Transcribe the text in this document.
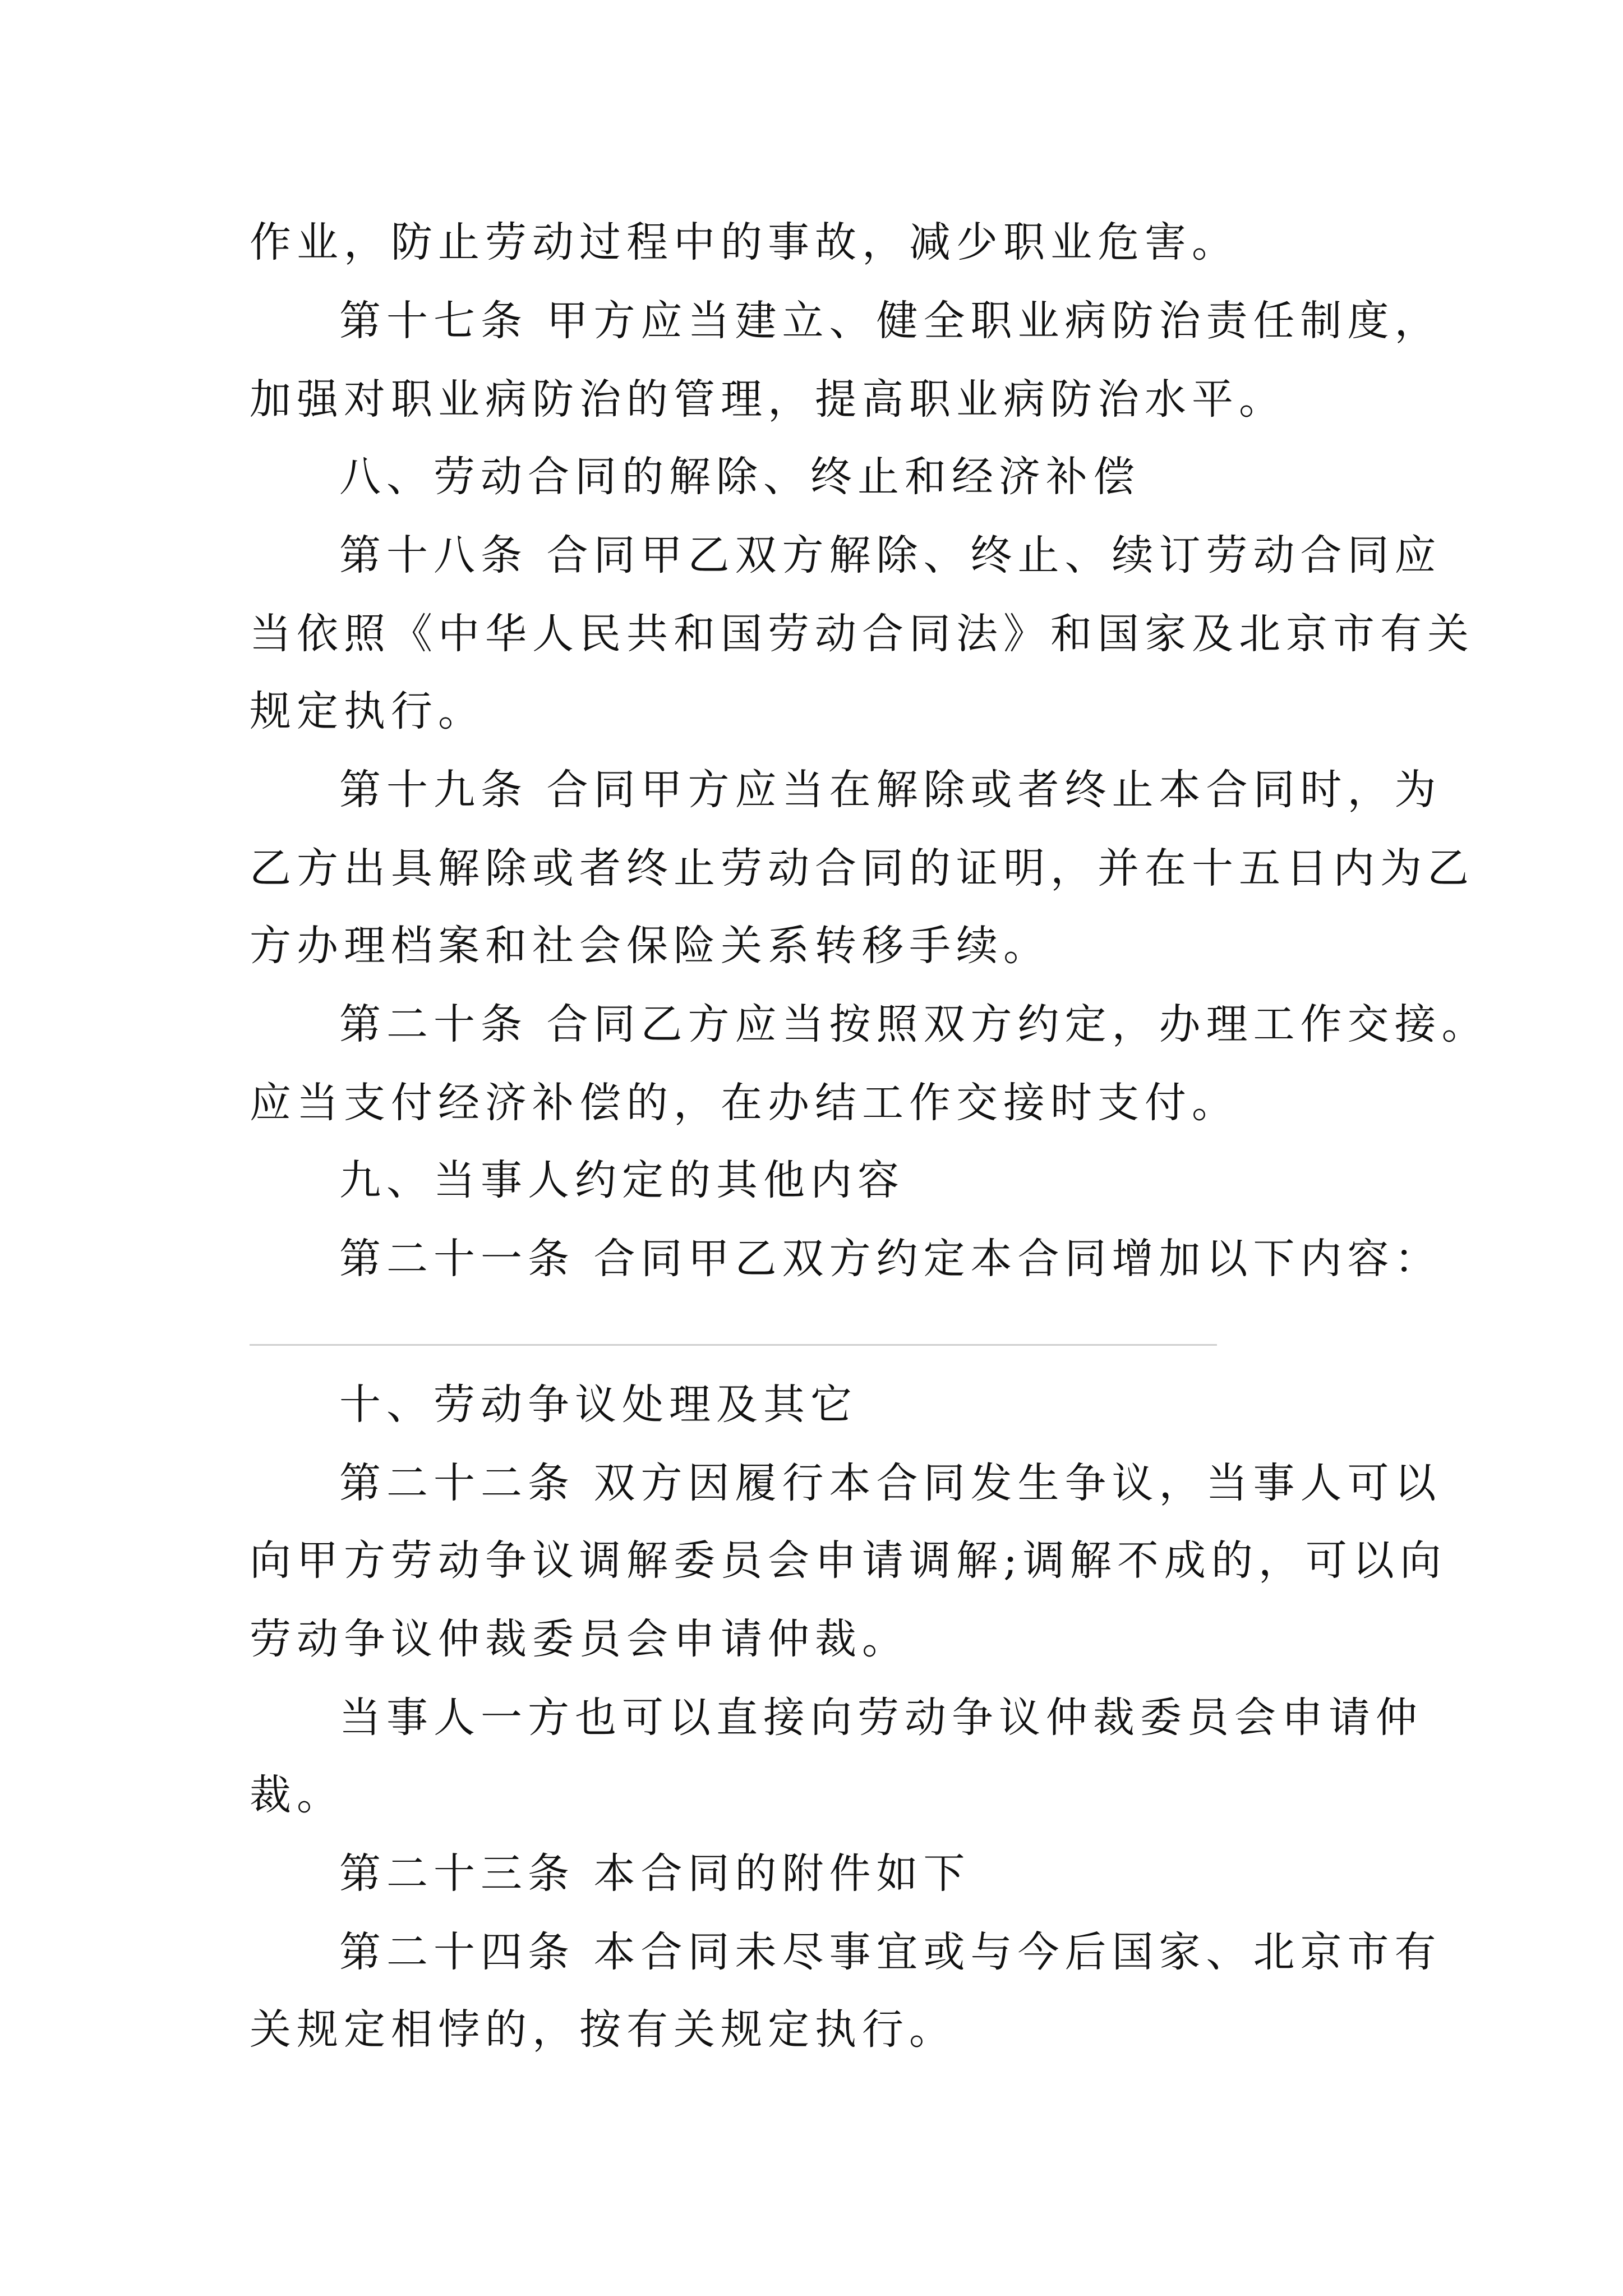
作业，防止劳动过程中的事故，减少职业危害。
第十七条 甲方应当建立、健全职业病防治责任制度，
加强对职业病防治的管理，提高职业病防治水平。
八、劳动合同的解除、终止和经济补偿
第十八条 合同甲乙双方解除、终止、续订劳动合同应
当依照《中华人民共和国劳动合同法》和国家及北京市有关
规定执行。
第十九条 合同甲方应当在解除或者终止本合同时，为
乙方出具解除或者终止劳动合同的证明，并在十五日内为乙
方办理档案和社会保险关系转移手续。
第二十条 合同乙方应当按照双方约定，办理工作交接。
应当支付经济补偿的，在办结工作交接时支付。
九、当事人约定的其他内容
第二十一条 合同甲乙双方约定本合同增加以下内容：
十、劳动争议处理及其它
第二十二条 双方因履行本合同发生争议，当事人可以
向甲方劳动争议调解委员会申请调解;调解不成的，可以向
劳动争议仲裁委员会申请仲裁。
当事人一方也可以直接向劳动争议仲裁委员会申请仲
裁。
第二十三条 本合同的附件如下
第二十四条 本合同未尽事宜或与今后国家、北京市有
关规定相悖的，按有关规定执行。
